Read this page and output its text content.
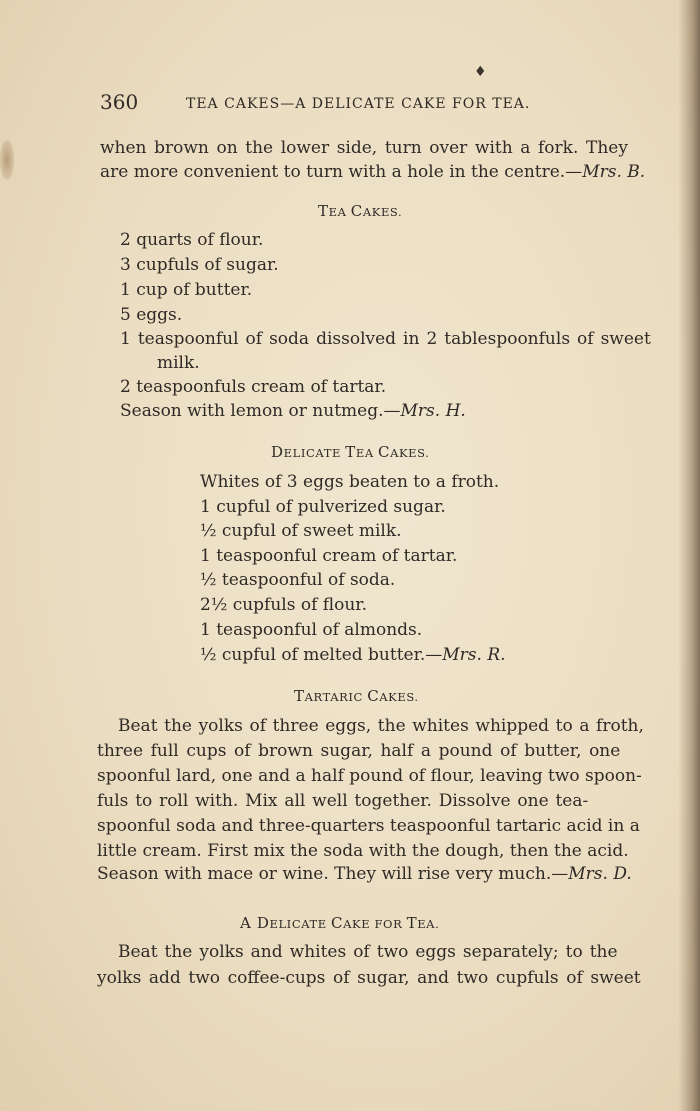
♦
360	TEA CAKES—A DELICATE CAKE FOR TEA.
when brown on the lower side, turn over with a fork. They
are more convenient to turn with a hole in the centre.—Mrs. B.
TEA CAKES.
2 quarts of flour.
3 cupfuls of sugar.
1 cup of butter.
5 eggs.
1 teaspoonful of soda dissolved in 2 tablespoonfuls of sweet
milk.
2 teaspoonfuls cream of tartar.
Season with lemon or nutmeg.—Mrs. H.
DELICATE TEA CAKES.
Whites of 3 eggs beaten to a froth.
1 cupful of pulverized sugar.
½ cupful of sweet milk.
1 teaspoonful cream of tartar.
½ teaspoonful of soda.
2½ cupfuls of flour.
1 teaspoonful of almonds.
½ cupful of melted butter.—Mrs. R.
TARTARIC CAKES.
Beat the yolks of three eggs, the whites whipped to a froth,
three full cups of brown sugar, half a pound of butter, one
spoonful lard, one and a half pound of flour, leaving two spoon-
fuls to roll with. Mix all well together. Dissolve one tea-
spoonful soda and three-quarters teaspoonful tartaric acid in a
little cream. First mix the soda with the dough, then the acid.
Season with mace or wine. They will rise very much.—Mrs. D.
A DELICATE CAKE FOR TEA.
Beat the yolks and whites of two eggs separately; to the
yolks add two coffee-cups of sugar, and two cupfuls of sweet
